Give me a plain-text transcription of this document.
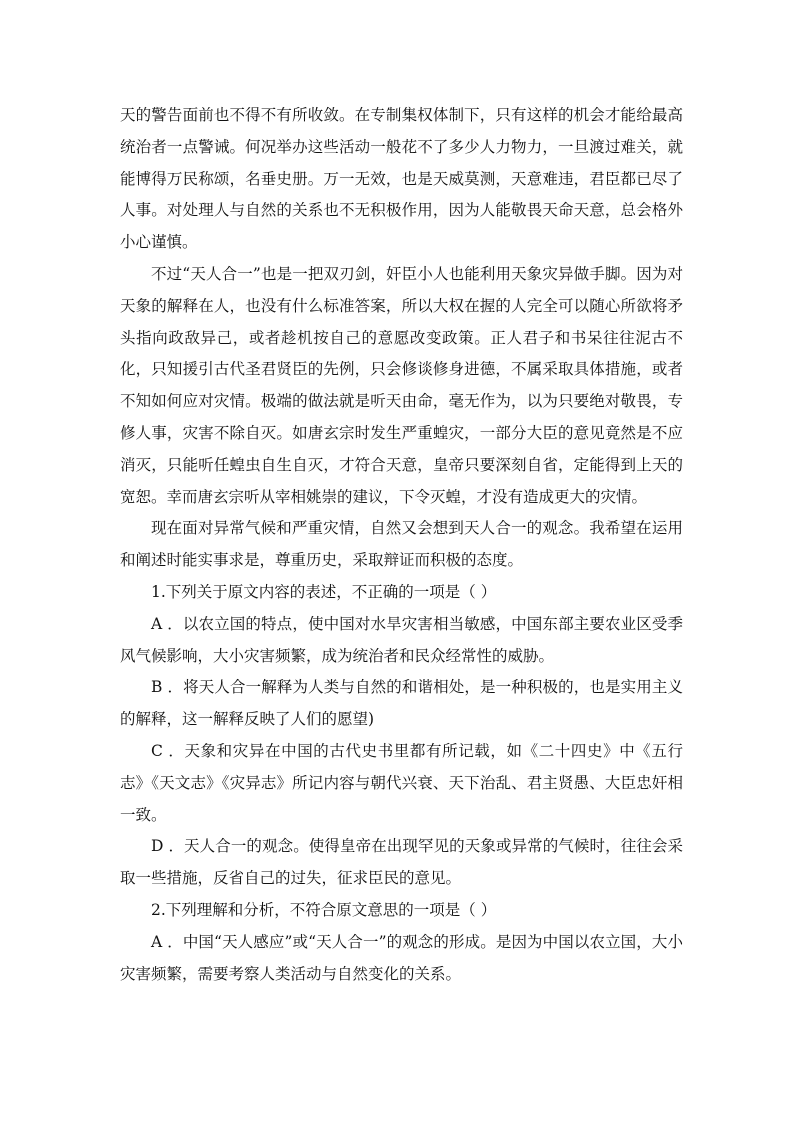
天的警告面前也不得不有所收敛。在专制集权体制下，只有这样的机会才能给最高统治者一点警诫。何况举办这些活动一般花不了多少人力物力，一旦渡过难关，就能博得万民称颂，名垂史册。万一无效，也是天威莫测，天意难违，君臣都已尽了人事。对处理人与自然的关系也不无积极作用，因为人能敬畏天命天意，总会格外小心谨慎。

不过“天人合一”也是一把双刃剑，奸臣小人也能利用天象灾异做手脚。因为对天象的解释在人，也没有什么标准答案，所以大权在握的人完全可以随心所欲将矛头指向政敌异己，或者趁机按自己的意愿改变政策。正人君子和书呆往往泥古不化，只知援引古代圣君贤臣的先例，只会修谈修身进德，不属采取具体措施，或者不知如何应对灾情。极端的做法就是听天由命，毫无作为，以为只要绝对敬畏，专修人事，灾害不除自灭。如唐玄宗时发生严重蝗灾，一部分大臣的意见竟然是不应消灭，只能听任蝗虫自生自灭，才符合天意，皇帝只要深刻自省，定能得到上天的宽恕。幸而唐玄宗听从宰相姚崇的建议，下令灭蝗，才没有造成更大的灾情。

现在面对异常气候和严重灾情，自然又会想到天人合一的观念。我希望在运用和阐述时能实事求是，尊重历史，采取辩证而积极的态度。

1.下列关于原文内容的表述，不正确的一项是（ ）

A ．以农立国的特点，使中国对水旱灾害相当敏感，中国东部主要农业区受季风气候影响，大小灾害频繁，成为统治者和民众经常性的威胁。

B ．将天人合一解释为人类与自然的和谐相处，是一种积极的，也是实用主义的解释，这一解释反映了人们的愿望)

C ．天象和灾异在中国的古代史书里都有所记载，如《二十四史》中《五行志》《天文志》《灾异志》所记内容与朝代兴衰、天下治乱、君主贤愚、大臣忠奸相一致。

D ．天人合一的观念。使得皇帝在出现罕见的天象或异常的气候时，往往会采取一些措施，反省自己的过失，征求臣民的意见。

2.下列理解和分析，不符合原文意思的一项是（ ）

A ．中国“天人感应”或“天人合一”的观念的形成。是因为中国以农立国，大小灾害频繁，需要考察人类活动与自然变化的关系。
